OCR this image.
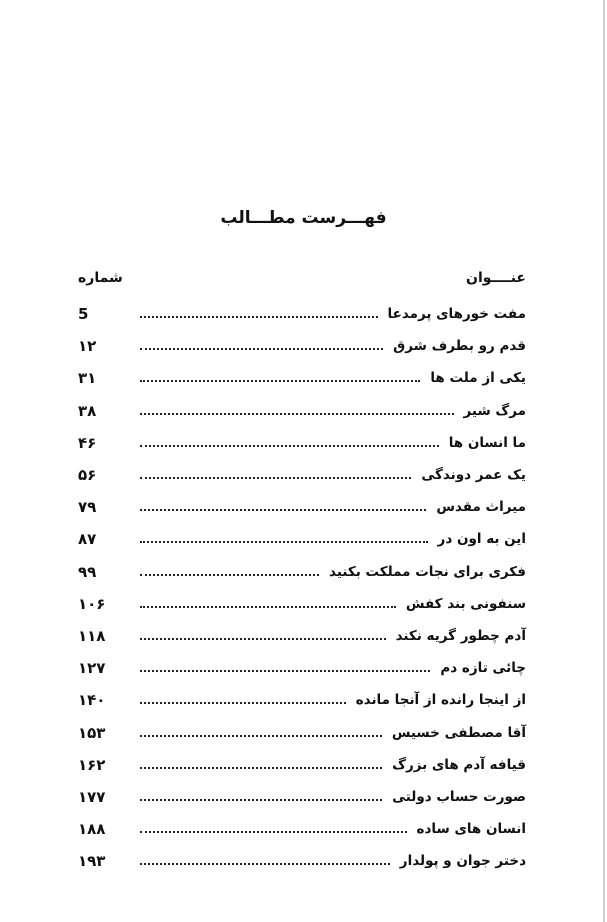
فهـــرست مطـــالب
عنــــوان
شماره
مفت خورهای پرمدعا
5
قدم رو بطرف شرق
۱۲
یکی از ملت ها
۳۱
مرگ شیر
۳۸
ما انسان ها
۴۶
یک عمر دوندگی
۵۶
میراث مقدس
۷۹
این به اون در
۸۷
فکری برای نجات مملکت بکنید
۹۹
سنفونی بند کفش
۱۰۶
آدم چطور گریه نکند
۱۱۸
چائی تازه دم
۱۲۷
از اینجا رانده از آنجا مانده
۱۴۰
آقا مصطفی خسیس
۱۵۳
قیافه آدم های بزرگ
۱۶۲
صورت حساب دولتی
۱۷۷
انسان های ساده
۱۸۸
دختر جوان و پولدار
۱۹۳
